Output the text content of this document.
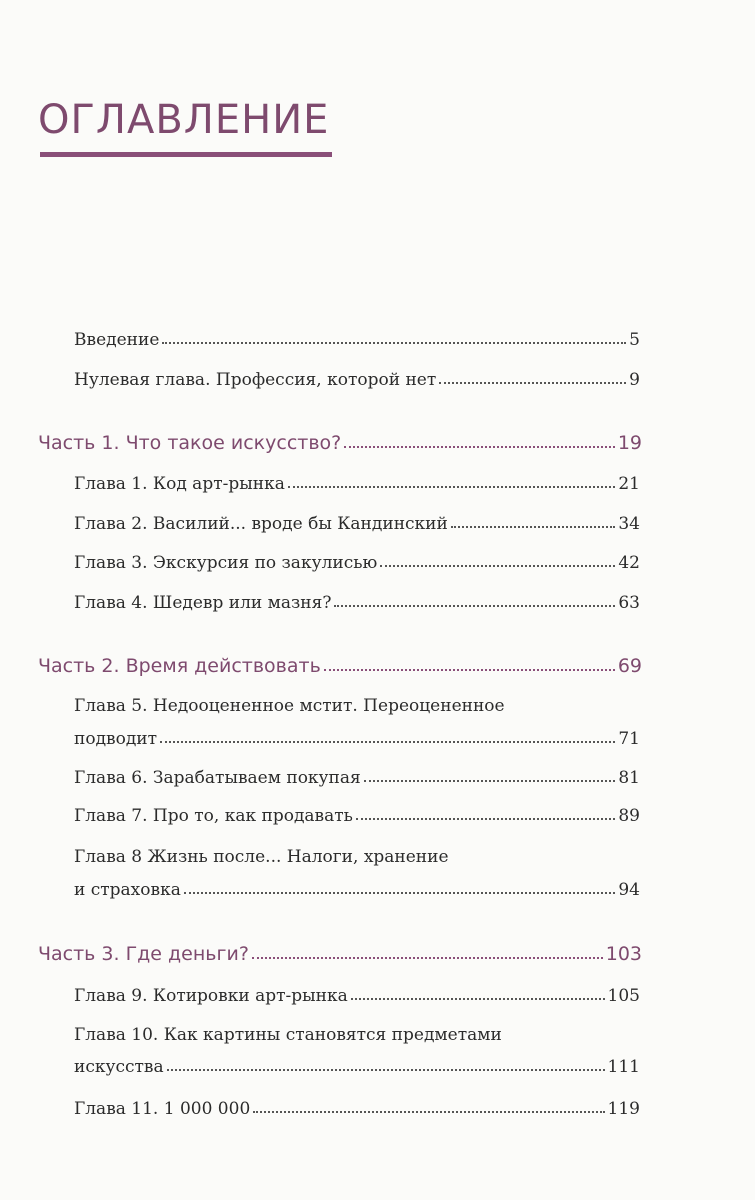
ОГЛАВЛЕНИЕ
Введение	5
Нулевая глава. Профессия, которой нет	9
Часть 1. Что такое искусство?	19
Глава 1. Код арт-рынка	21
Глава 2. Василий... вроде бы Кандинский	34
Глава 3. Экскурсия по закулисью	42
Глава 4. Шедевр или мазня?	63
Часть 2. Время действовать	69
Глава 5. Недооцененное мстит. Переоцененное
подводит	71
Глава 6. Зарабатываем покупая	81
Глава 7. Про то, как продавать	89
Глава 8 Жизнь после... Налоги, хранение
и страховка	94
Часть 3. Где деньги?	103
Глава 9. Котировки арт-рынка	105
Глава 10. Как картины становятся предметами
искусства	111
Глава 11. 1 000 000	119
